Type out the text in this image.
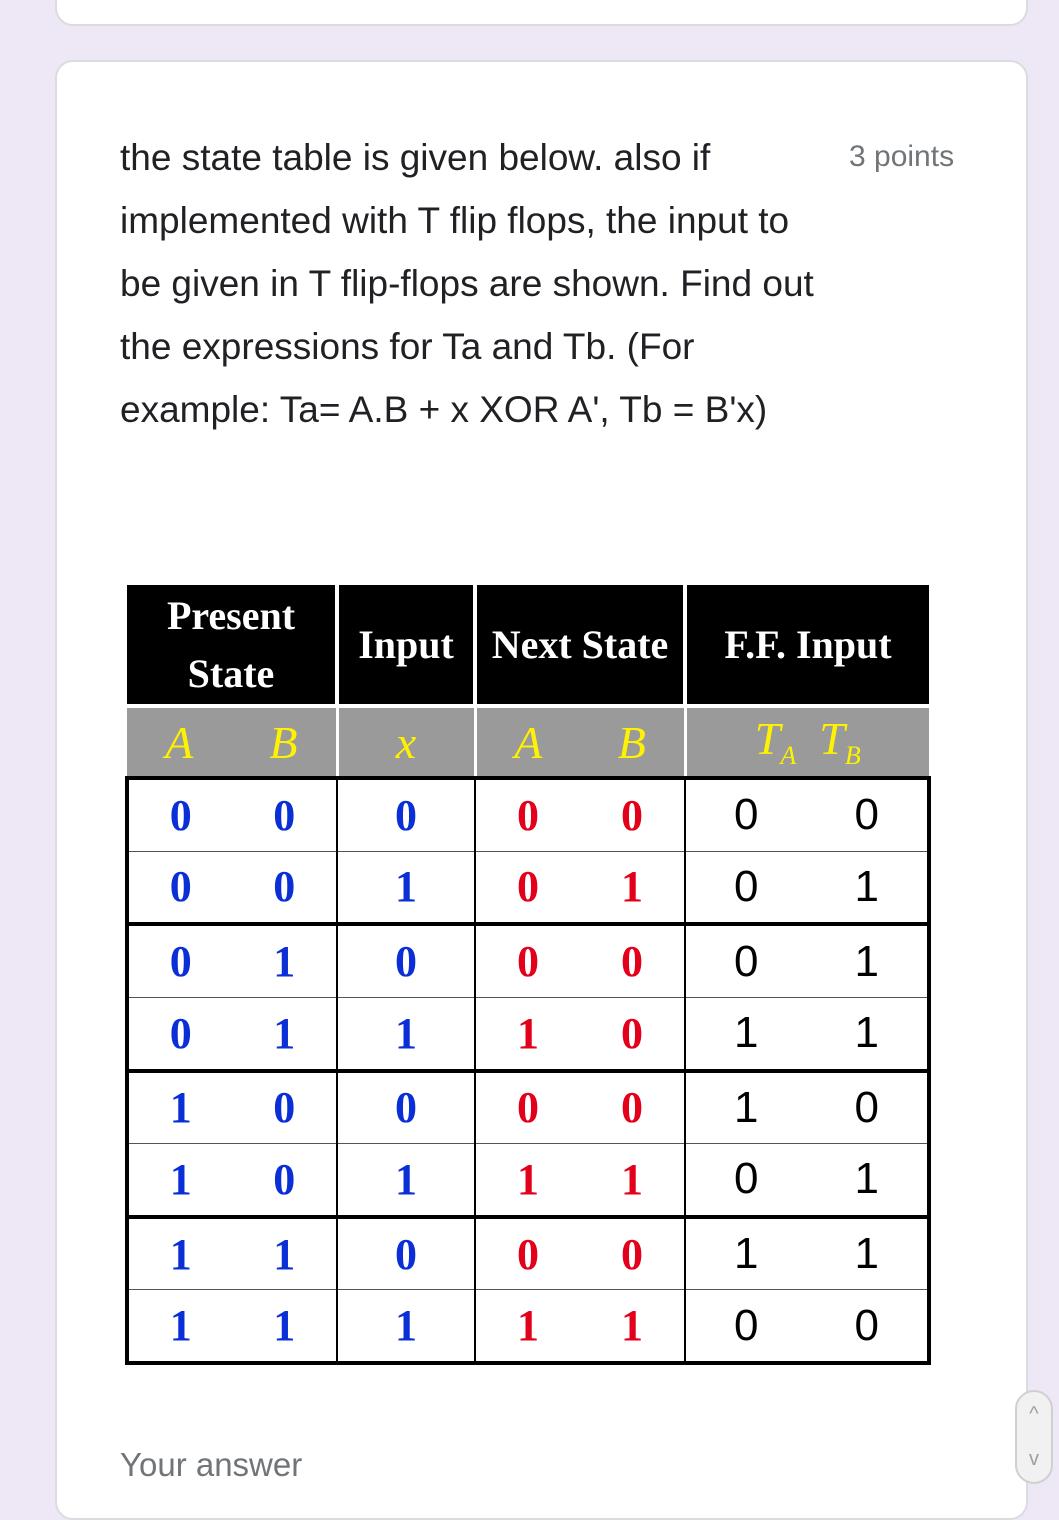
the state table is given below. also if implemented with T flip flops, the input to be given in T flip-flops are shown. Find out the expressions for Ta and Tb. (For example: Ta= A.B + x XOR A', Tb = B'x)
3 points
Present State	Input	Next State	F.F. Input
A B	x	A B	$T_A$ $T_B$
0 0	0	0 0	0 0
0 0	1	0 1	0 1
0 1	0	0 0	0 1
0 1	1	1 0	1 1
1 0	0	0 0	1 0
1 0	1	1 1	0 1
1 1	0	0 0	1 1
1 1	1	1 1	0 0
Your answer
^
v
